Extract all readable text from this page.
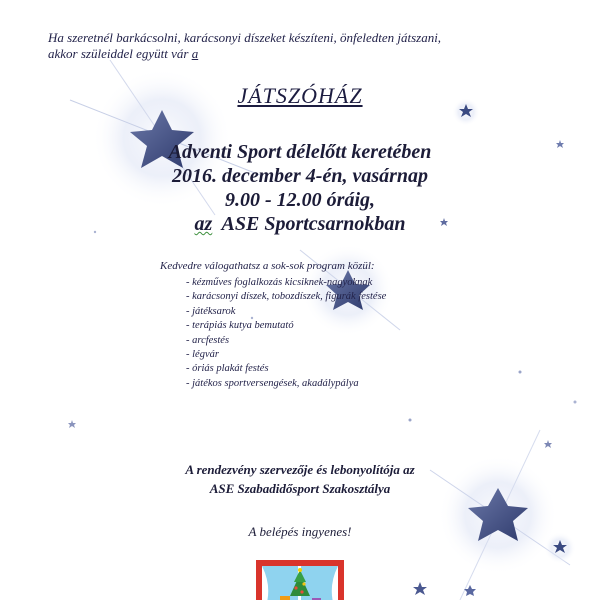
Ha szeretnél barkácsolni, karácsonyi díszeket készíteni, önfeledten játszani,
akkor szüleiddel együtt vár a
JÁTSZÓHÁZ
Adventi Sport délelőtt keretében
2016. december 4-én, vasárnap
9.00 - 12.00 óráig,
az  ASE Sportcsarnokban
Kedvedre válogathatsz a sok-sok program közül:
- kézműves foglalkozás kicsiknek-nagyoknak
- karácsonyi díszek, tobozdíszek, figurák festése
- játéksarok
- terápiás kutya bemutató
- arcfestés
- légvár
- óriás plakát festés
- játékos sportversengések, akadálypálya
A rendezvény szervezője és lebonyolítója az
ASE Szabadidősport Szakosztálya
A belépés ingyenes!
